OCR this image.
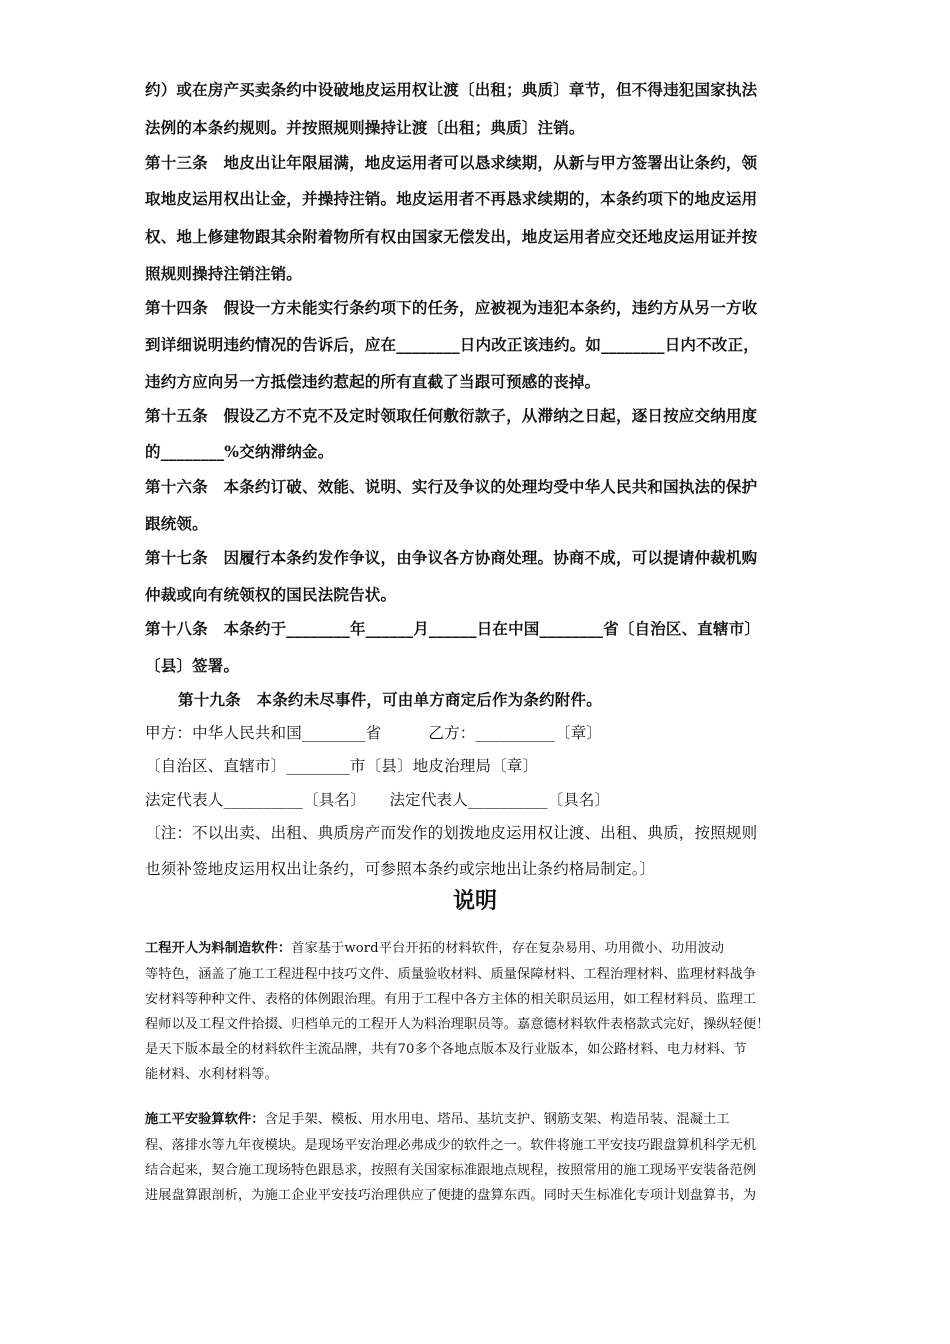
约）或在房产买卖条约中设破地皮运用权让渡〔出租；典质〕章节，但不得违犯国家执法
法例的本条约规则。并按照规则操持让渡〔出租；典质〕注销。
第十三条　地皮出让年限届满，地皮运用者可以恳求续期，从新与甲方签署出让条约，领
取地皮运用权出让金，并操持注销。地皮运用者不再恳求续期的，本条约项下的地皮运用
权、地上修建物跟其余附着物所有权由国家无偿发出，地皮运用者应交还地皮运用证并按
照规则操持注销注销。
第十四条　假设一方未能实行条约项下的任务，应被视为违犯本条约，违约方从另一方收
到详细说明违约情况的告诉后，应在________日内改正该违约。如________日内不改正，
违约方应向另一方抵偿违约惹起的所有直截了当跟可预感的丧掉。
第十五条　假设乙方不克不及定时领取任何敷衍款子，从滞纳之日起，逐日按应交纳用度
的________%交纳滞纳金。
第十六条　本条约订破、效能、说明、实行及争议的处理均受中华人民共和国执法的保护
跟统领。
第十七条　因履行本条约发作争议，由争议各方协商处理。协商不成，可以提请仲裁机购
仲裁或向有统领权的国民法院告状。
第十八条　本条约于________年______月______日在中国________省〔自治区、直辖市〕
〔县〕签署。
第十九条　本条约未尽事件，可由单方商定后作为条约附件。
甲方：中华人民共和国________省　　　乙方：__________〔章〕
〔自治区、直辖市〕________市〔县〕地皮治理局〔章〕
法定代表人__________〔具名〕　　法定代表人__________〔具名〕
〔注：不以出卖、出租、典质房产而发作的划拨地皮运用权让渡、出租、典质，按照规则
也须补签地皮运用权出让条约，可参照本条约或宗地出让条约格局制定。〕
说明
工程开人为料制造软件：首家基于word平台开拓的材料软件，存在复杂易用、功用微小、功用波动
等特色，涵盖了施工工程进程中技巧文件、质量验收材料、质量保障材料、工程治理材料、监理材料战争
安材料等种种文件、表格的体例跟治理。有用于工程中各方主体的相关职员运用，如工程材料员、监理工
程师以及工程文件拾掇、归档单元的工程开人为料治理职员等。嘉意德材料软件表格款式完好，操纵轻便！
是天下版本最全的材料软件主流品牌，共有70多个各地点版本及行业版本，如公路材料、电力材料、节
能材料、水利材料等。
施工平安验算软件：含足手架、模板、用水用电、塔吊、基坑支护、钢筋支架、构造吊装、混凝土工
程、落排水等九年夜模块。是现场平安治理必弗成少的软件之一。软件将施工平安技巧跟盘算机科学无机
结合起来，契合施工现场特色跟恳求，按照有关国家标准跟地点规程，按照常用的施工现场平安装备范例
进展盘算跟剖析，为施工企业平安技巧治理供应了便捷的盘算东西。同时天生标准化专项计划盘算书，为
